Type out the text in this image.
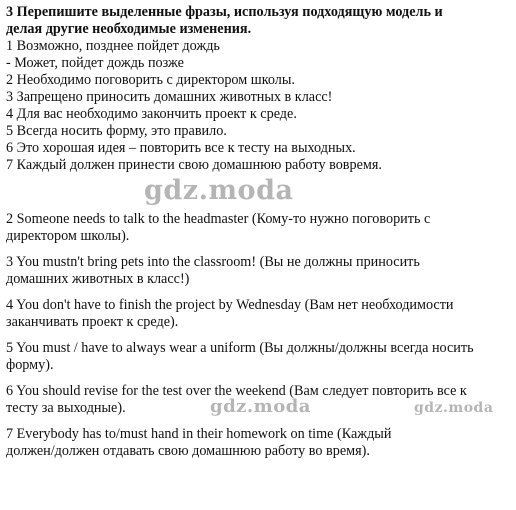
3 Перепишите выделенные фразы, используя подходящую модель и
делая другие необходимые изменения.
1 Возможно, позднее пойдет дождь
- Может, пойдет дождь позже
2 Необходимо поговорить с директором школы.
3 Запрещено приносить домашних животных в класс!
4 Для вас необходимо закончить проект к среде.
5 Всегда носить форму, это правило.
6 Это хорошая идея – повторить все к тесту на выходных.
7 Каждый должен принести свою домашнюю работу вовремя.
gdz.moda
2 Someone needs to talk to the headmaster (Кому-то нужно поговорить с
директором школы).
3 You mustn't bring pets into the classroom! (Вы не должны приносить
домашних животных в класс!)
4 You don't have to finish the project by Wednesday (Вам нет необходимости
заканчивать проект к среде).
5 You must / have to always wear a uniform (Вы должны/должны всегда носить
форму).
6 You should revise for the test over the weekend (Вам следует повторить все к
тесту за выходные).	gdz.moda	gdz.moda
7 Everybody has to/must hand in their homework on time (Каждый
должен/должен отдавать свою домашнюю работу во время).
